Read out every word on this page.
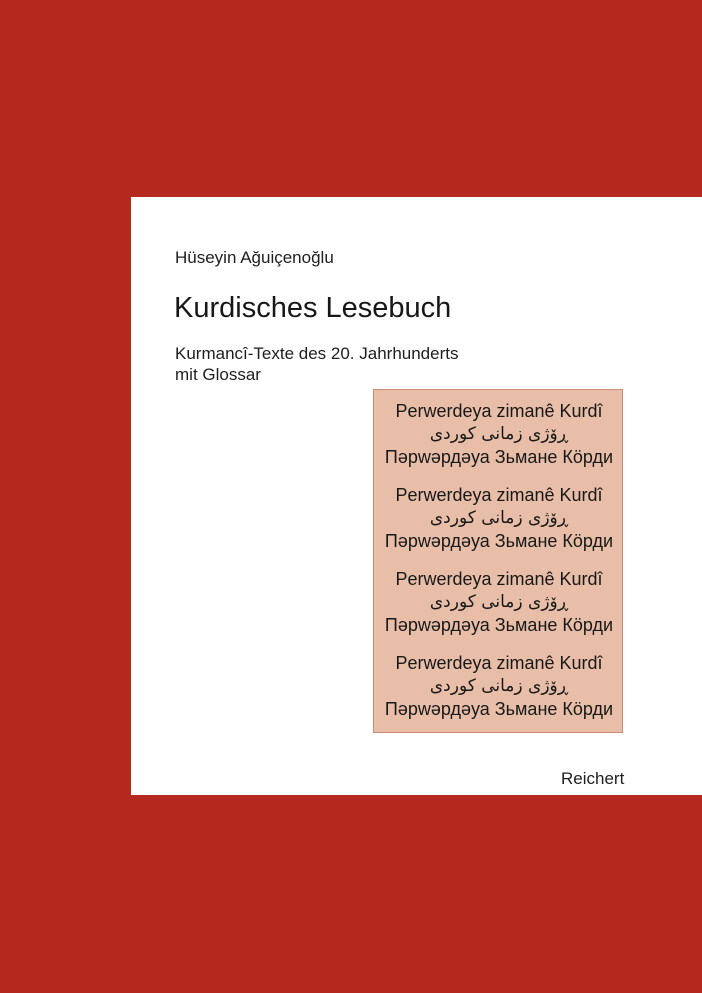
Hüseyin Ağuiçenoğlu
Kurdisches Lesebuch
Kurmancî-Texte des 20. Jahrhunderts
mit Glossar
Perwerdeya zimanê Kurdî
ڕۆژی زمانی کوردی
Пәрwәрдәуа Зьмане Кӧрди
Perwerdeya zimanê Kurdî
ڕۆژی زمانی کوردی
Пәрwәрдәуа Зьмане Кӧрди
Perwerdeya zimanê Kurdî
ڕۆژی زمانی کوردی
Пәрwәрдәуа Зьмане Кӧрди
Perwerdeya zimanê Kurdî
ڕۆژی زمانی کوردی
Пәрwәрдәуа Зьмане Кӧрди
Reichert
